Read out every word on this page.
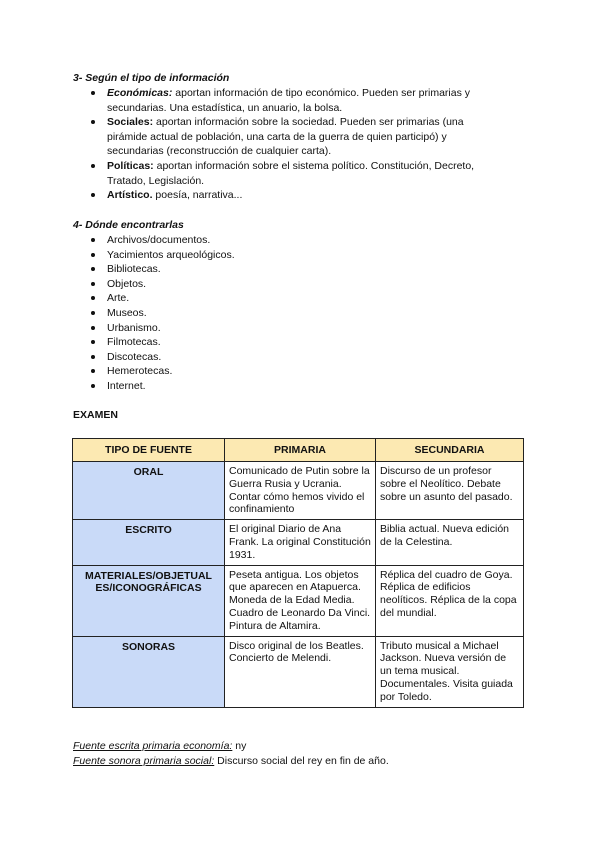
3- Según el tipo de información
Económicas: aportan información de tipo económico. Pueden ser primarias y secundarias. Una estadística, un anuario, la bolsa.
Sociales: aportan información sobre la sociedad. Pueden ser primarias (una pirámide actual de población, una carta de la guerra de quien participó) y secundarias (reconstrucción de cualquier carta).
Políticas: aportan información sobre el sistema político. Constitución, Decreto, Tratado, Legislación.
Artístico. poesía, narrativa...
4- Dónde encontrarlas
Archivos/documentos.
Yacimientos arqueológicos.
Bibliotecas.
Objetos.
Arte.
Museos.
Urbanismo.
Filmotecas.
Discotecas.
Hemerotecas.
Internet.
EXAMEN
TIPO DE FUENTE	PRIMARIA	SECUNDARIA
ORAL	Comunicado de Putin sobre la Guerra Rusia y Ucrania. Contar cómo hemos vivido el confinamiento	Discurso de un profesor sobre el Neolítico. Debate sobre un asunto del pasado.
ESCRITO	El original Diario de Ana Frank. La original Constitución 1931.	Biblia actual. Nueva edición de la Celestina.
MATERIALES/OBJETUAL ES/ICONOGRÁFICAS	Peseta antigua. Los objetos que aparecen en Atapuerca. Moneda de la Edad Media. Cuadro de Leonardo Da Vinci. Pintura de Altamira.	Réplica del cuadro de Goya. Réplica de edificios neolíticos. Réplica de la copa del mundial.
SONORAS	Disco original de los Beatles. Concierto de Melendi.	Tributo musical a Michael Jackson. Nueva versión de un tema musical. Documentales. Visita guiada por Toledo.
Fuente escrita primaria economía: ny
Fuente sonora primaria social: Discurso social del rey en fin de año.
